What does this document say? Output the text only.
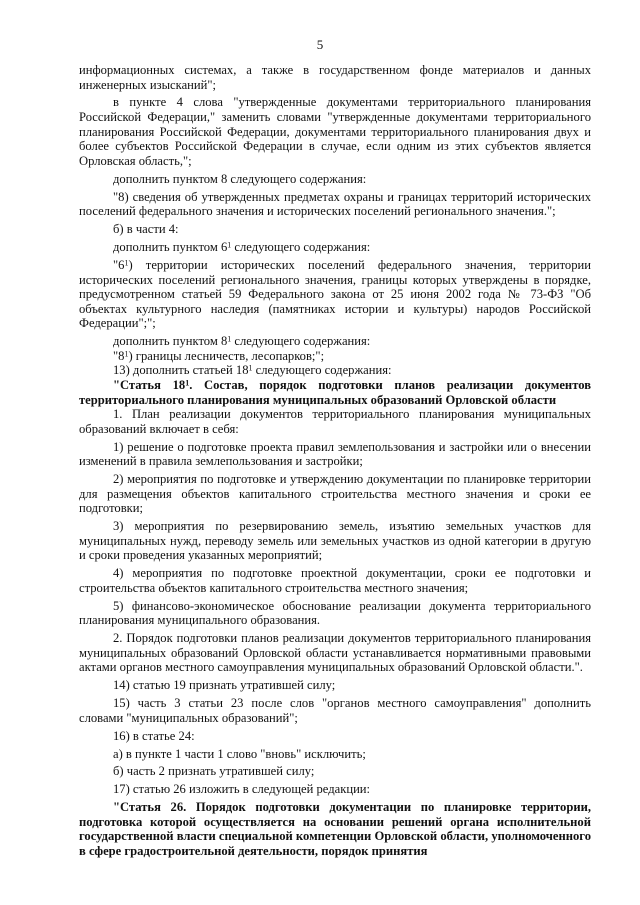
5

информационных системах, а также в государственном фонде материалов и данных инженерных изысканий";

в пункте 4 слова "утвержденные документами территориального планирования Российской Федерации," заменить словами "утвержденные документами территориального планирования Российской Федерации, документами территориального планирования двух и более субъектов Российской Федерации в случае, если одним из этих субъектов является Орловская область,";

дополнить пунктом 8 следующего содержания:

"8) сведения об утвержденных предметах охраны и границах территорий исторических поселений федерального значения и исторических поселений регионального значения.";

б) в части 4:

дополнить пунктом $6^1$ следующего содержания:

"$6^1$) территории исторических поселений федерального значения, территории исторических поселений регионального значения, границы которых утверждены в порядке, предусмотренном статьей 59 Федерального закона от 25 июня 2002 года № 73-ФЗ "Об объектах культурного наследия (памятниках истории и культуры) народов Российской Федерации";";

дополнить пунктом $8^1$ следующего содержания:

"$8^1$) границы лесничеств, лесопарков;";

13) дополнить статьей $18^1$ следующего содержания:

"Статья $18^1$. Состав, порядок подготовки планов реализации документов территориального планирования муниципальных образований Орловской области

1. План реализации документов территориального планирования муниципальных образований включает в себя:

1) решение о подготовке проекта правил землепользования и застройки или о внесении изменений в правила землепользования и застройки;

2) мероприятия по подготовке и утверждению документации по планировке территории для размещения объектов капитального строительства местного значения и сроки ее подготовки;

3) мероприятия по резервированию земель, изъятию земельных участков для муниципальных нужд, переводу земель или земельных участков из одной категории в другую и сроки проведения указанных мероприятий;

4) мероприятия по подготовке проектной документации, сроки ее подготовки и строительства объектов капитального строительства местного значения;

5) финансово-экономическое обоснование реализации документа территориального планирования муниципального образования.

2. Порядок подготовки планов реализации документов территориального планирования муниципальных образований Орловской области устанавливается нормативными правовыми актами органов местного самоуправления муниципальных образований Орловской области.".

14) статью 19 признать утратившей силу;

15) часть 3 статьи 23 после слов "органов местного самоуправления" дополнить словами "муниципальных образований";

16) в статье 24:

а) в пункте 1 части 1 слово "вновь" исключить;

б) часть 2 признать утратившей силу;

17) статью 26 изложить в следующей редакции:

"Статья 26. Порядок подготовки документации по планировке территории, подготовка которой осуществляется на основании решений органа исполнительной государственной власти специальной компетенции Орловской области, уполномоченного в сфере градостроительной деятельности, порядок принятия
